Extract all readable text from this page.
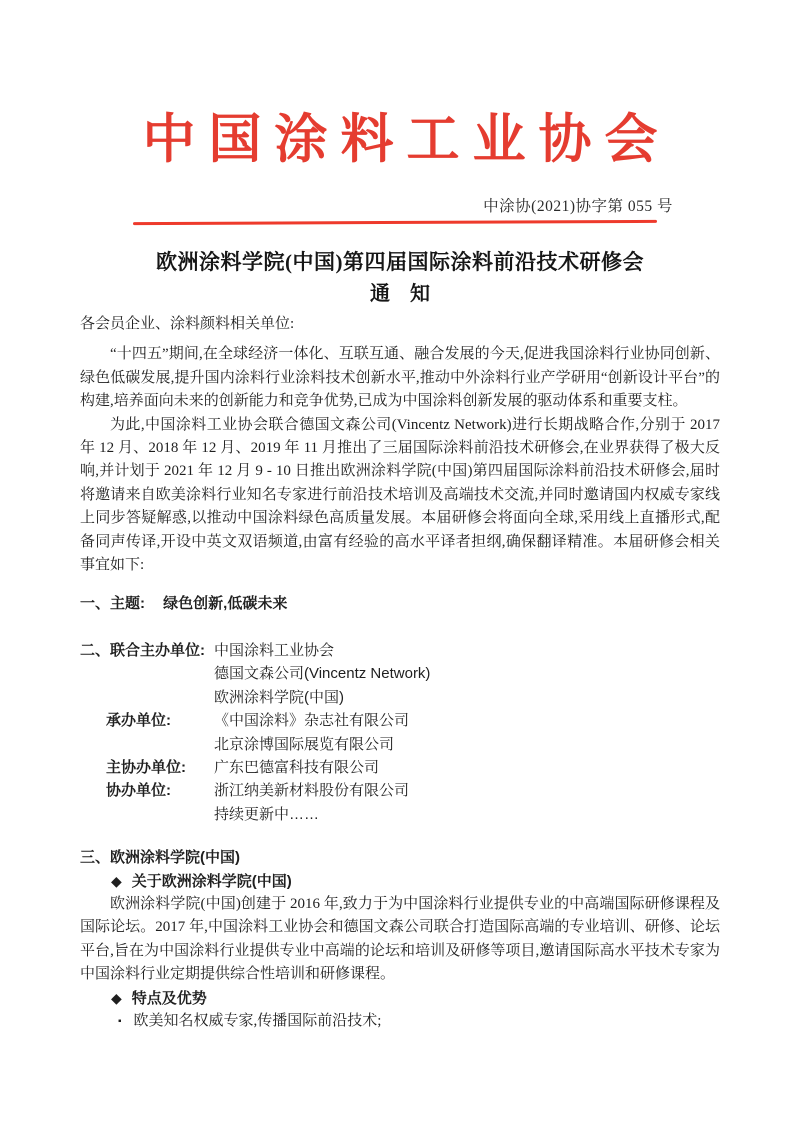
中国涂料工业协会
中涂协(2021)协字第 055 号
欧洲涂料学院(中国)第四届国际涂料前沿技术研修会
通　知

各会员企业、涂料颜料相关单位:

“十四五”期间,在全球经济一体化、互联互通、融合发展的今天,促进我国涂料行业协同创新、绿色低碳发展,提升国内涂料行业涂料技术创新水平,推动中外涂料行业产学研用“创新设计平台”的构建,培养面向未来的创新能力和竞争优势,已成为中国涂料创新发展的驱动体系和重要支柱。

为此,中国涂料工业协会联合德国文森公司(Vincentz Network)进行长期战略合作,分别于 2017 年 12 月、2018 年 12 月、2019 年 11 月推出了三届国际涂料前沿技术研修会,在业界获得了极大反响,并计划于 2021 年 12 月 9 - 10 日推出欧洲涂料学院(中国)第四届国际涂料前沿技术研修会,届时将邀请来自欧美涂料行业知名专家进行前沿技术培训及高端技术交流,并同时邀请国内权威专家线上同步答疑解惑,以推动中国涂料绿色高质量发展。本届研修会将面向全球,采用线上直播形式,配备同声传译,开设中英文双语频道,由富有经验的高水平译者担纲,确保翻译精准。本届研修会相关事宜如下:

一、主题: 绿色创新,低碳未来
二、联合主办单位: 中国涂料工业协会
德国文森公司(Vincentz Network)
欧洲涂料学院(中国)
承办单位:	《中国涂料》杂志社有限公司
北京涂博国际展览有限公司
主协办单位:	广东巴德富科技有限公司
协办单位:	浙江纳美新材料股份有限公司
持续更新中……
三、欧洲涂料学院(中国)
◆ 关于欧洲涂料学院(中国)

欧洲涂料学院(中国)创建于 2016 年,致力于为中国涂料行业提供专业的中高端国际研修课程及国际论坛。2017 年,中国涂料工业协会和德国文森公司联合打造国际高端的专业培训、研修、论坛平台,旨在为中国涂料行业提供专业中高端的论坛和培训及研修等项目,邀请国际高水平技术专家为中国涂料行业定期提供综合性培训和研修课程。

◆ 特点及优势
▪ 欧美知名权威专家,传播国际前沿技术;
